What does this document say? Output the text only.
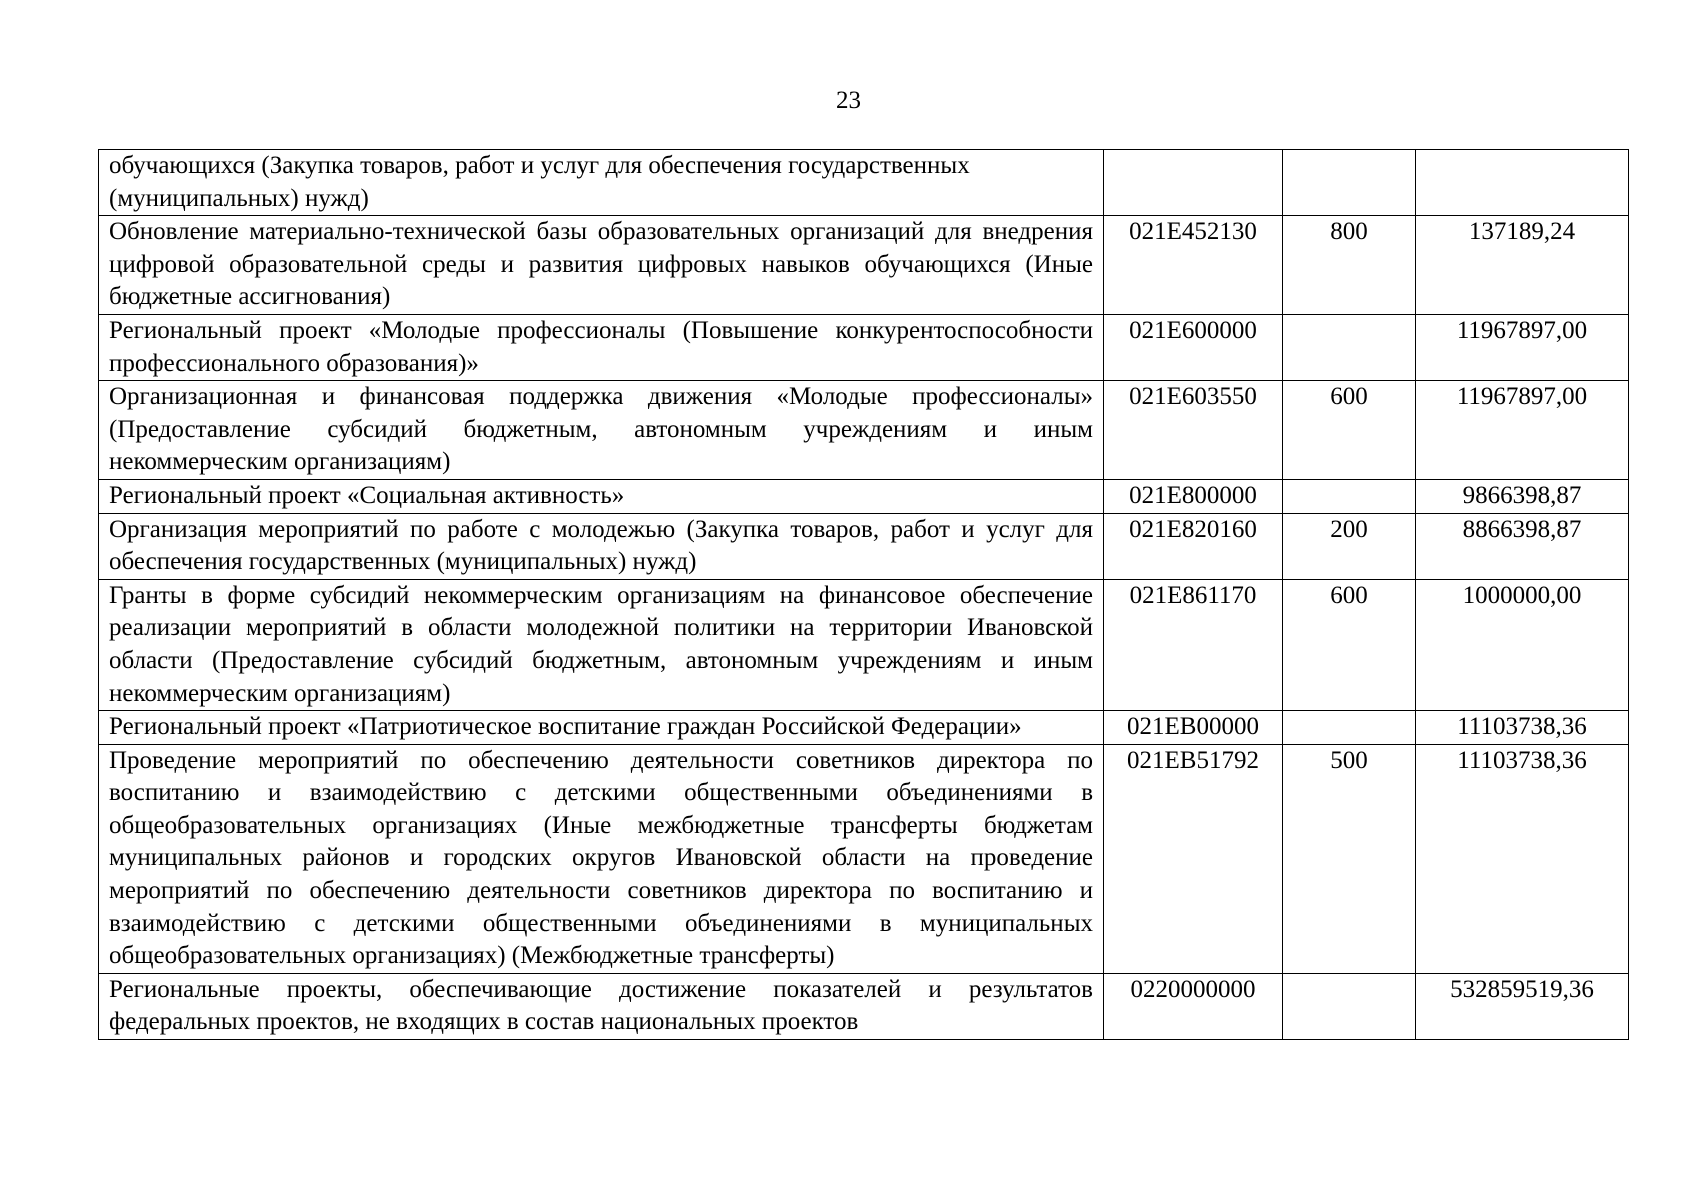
23
обучающихся (Закупка товаров, работ и услуг для обеспечения государственных
(муниципальных) нужд)			
Обновление материально-технической базы образовательных организаций для внедрения цифровой образовательной среды и развития цифровых навыков обучающихся (Иные бюджетные ассигнования)	021E452130	800	137189,24
Региональный проект «Молодые профессионалы (Повышение конкурентоспособности профессионального образования)»	021E600000		11967897,00
Организационная и финансовая поддержка движения «Молодые профессионалы» (Предоставление субсидий бюджетным, автономным учреждениям и иным некоммерческим организациям)	021E603550	600	11967897,00
Региональный проект «Социальная активность»	021E800000		9866398,87
Организация мероприятий по работе с молодежью (Закупка товаров, работ и услуг для обеспечения государственных (муниципальных) нужд)	021E820160	200	8866398,87
Гранты в форме субсидий некоммерческим организациям на финансовое обеспечение реализации мероприятий в области молодежной политики на территории Ивановской области (Предоставление субсидий бюджетным, автономным учреждениям и иным некоммерческим организациям)	021E861170	600	1000000,00
Региональный проект «Патриотическое воспитание граждан Российской Федерации»	021EB00000		11103738,36
Проведение мероприятий по обеспечению деятельности советников директора по воспитанию и взаимодействию с детскими общественными объединениями в общеобразовательных организациях (Иные межбюджетные трансферты бюджетам муниципальных районов и городских округов Ивановской области на проведение мероприятий по обеспечению деятельности советников директора по воспитанию и взаимодействию с детскими общественными объединениями в муниципальных общеобразовательных организациях) (Межбюджетные трансферты)	021EB51792	500	11103738,36
Региональные проекты, обеспечивающие достижение показателей и результатов федеральных проектов, не входящих в состав национальных проектов	0220000000		532859519,36
